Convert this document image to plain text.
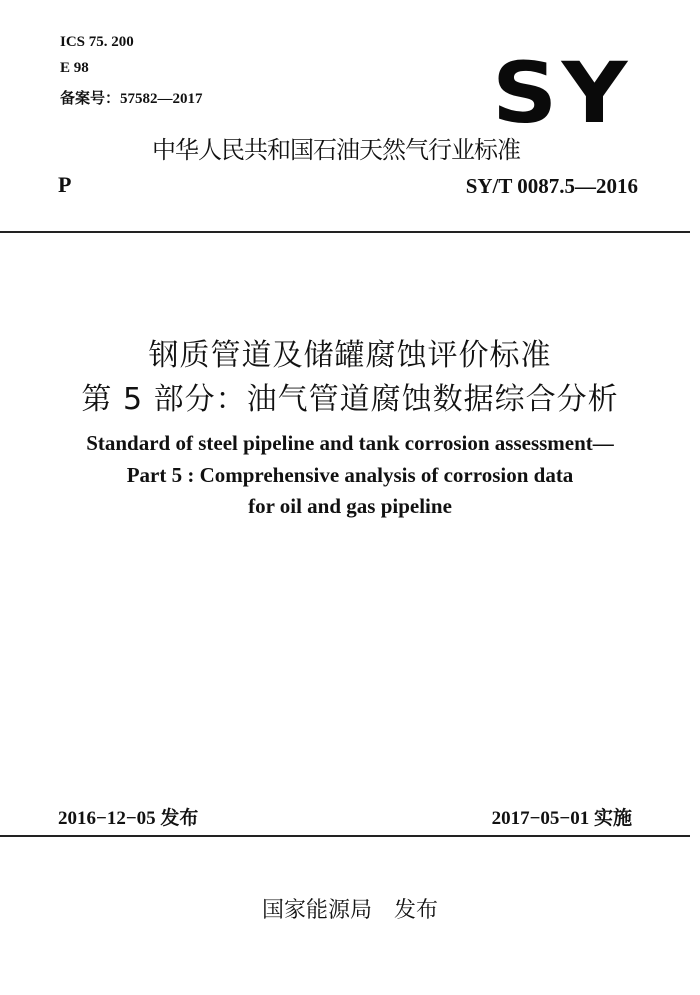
ICS 75. 200
E 98
备案号：57582—2017	SY
中华人民共和国石油天然气行业标准
P	SY/T 0087.5—2016
钢质管道及储罐腐蚀评价标准
第 5 部分：油气管道腐蚀数据综合分析
Standard of steel pipeline and tank corrosion assessment—
Part 5 : Comprehensive analysis of corrosion data
for oil and gas pipeline
2016−12−05 发布	2017−05−01 实施
国家能源局　发布
